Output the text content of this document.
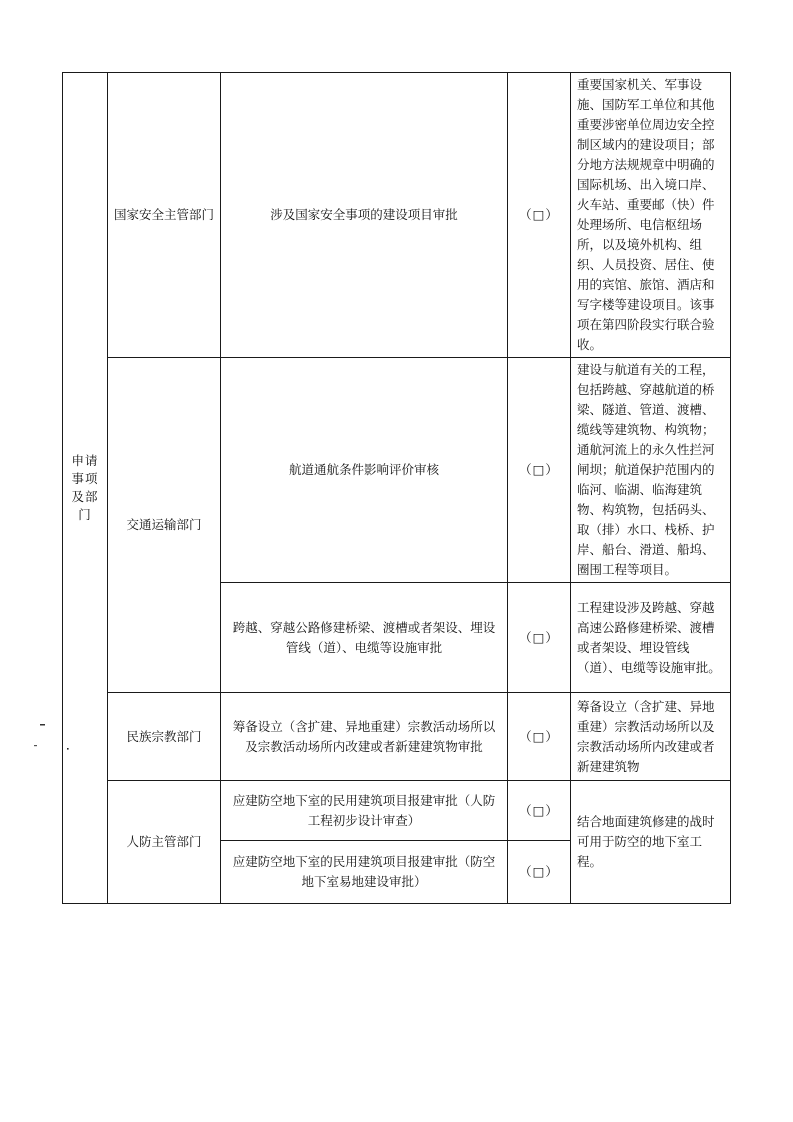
申请事项及部门	国家安全主管部门	涉及国家安全事项的建设项目审批	（□）	重要国家机关、军事设施、国防军工单位和其他重要涉密单位周边安全控制区域内的建设项目；部分地方法规规章中明确的国际机场、出入境口岸、火车站、重要邮（快）件处理场所、电信枢纽场所，以及境外机构、组织、人员投资、居住、使用的宾馆、旅馆、酒店和写字楼等建设项目。该事项在第四阶段实行联合验收。
	交通运输部门	航道通航条件影响评价审核	（□）	建设与航道有关的工程，包括跨越、穿越航道的桥梁、隧道、管道、渡槽、缆线等建筑物、构筑物；通航河流上的永久性拦河闸坝；航道保护范围内的临河、临湖、临海建筑物、构筑物，包括码头、取（排）水口、栈桥、护岸、船台、滑道、船坞、圈围工程等项目。
		跨越、穿越公路修建桥梁、渡槽或者架设、埋设管线（道）、电缆等设施审批	（□）	工程建设涉及跨越、穿越高速公路修建桥梁、渡槽或者架设、埋设管线（道）、电缆等设施审批。
	民族宗教部门	筹备设立（含扩建、异地重建）宗教活动场所以及宗教活动场所内改建或者新建建筑物审批	（□）	筹备设立（含扩建、异地重建）宗教活动场所以及宗教活动场所内改建或者新建建筑物
	人防主管部门	应建防空地下室的民用建筑项目报建审批（人防工程初步设计审查）	（□）	结合地面建筑修建的战时可用于防空的地下室工程。
		应建防空地下室的民用建筑项目报建审批（防空地下室易地建设审批）	（□）	
